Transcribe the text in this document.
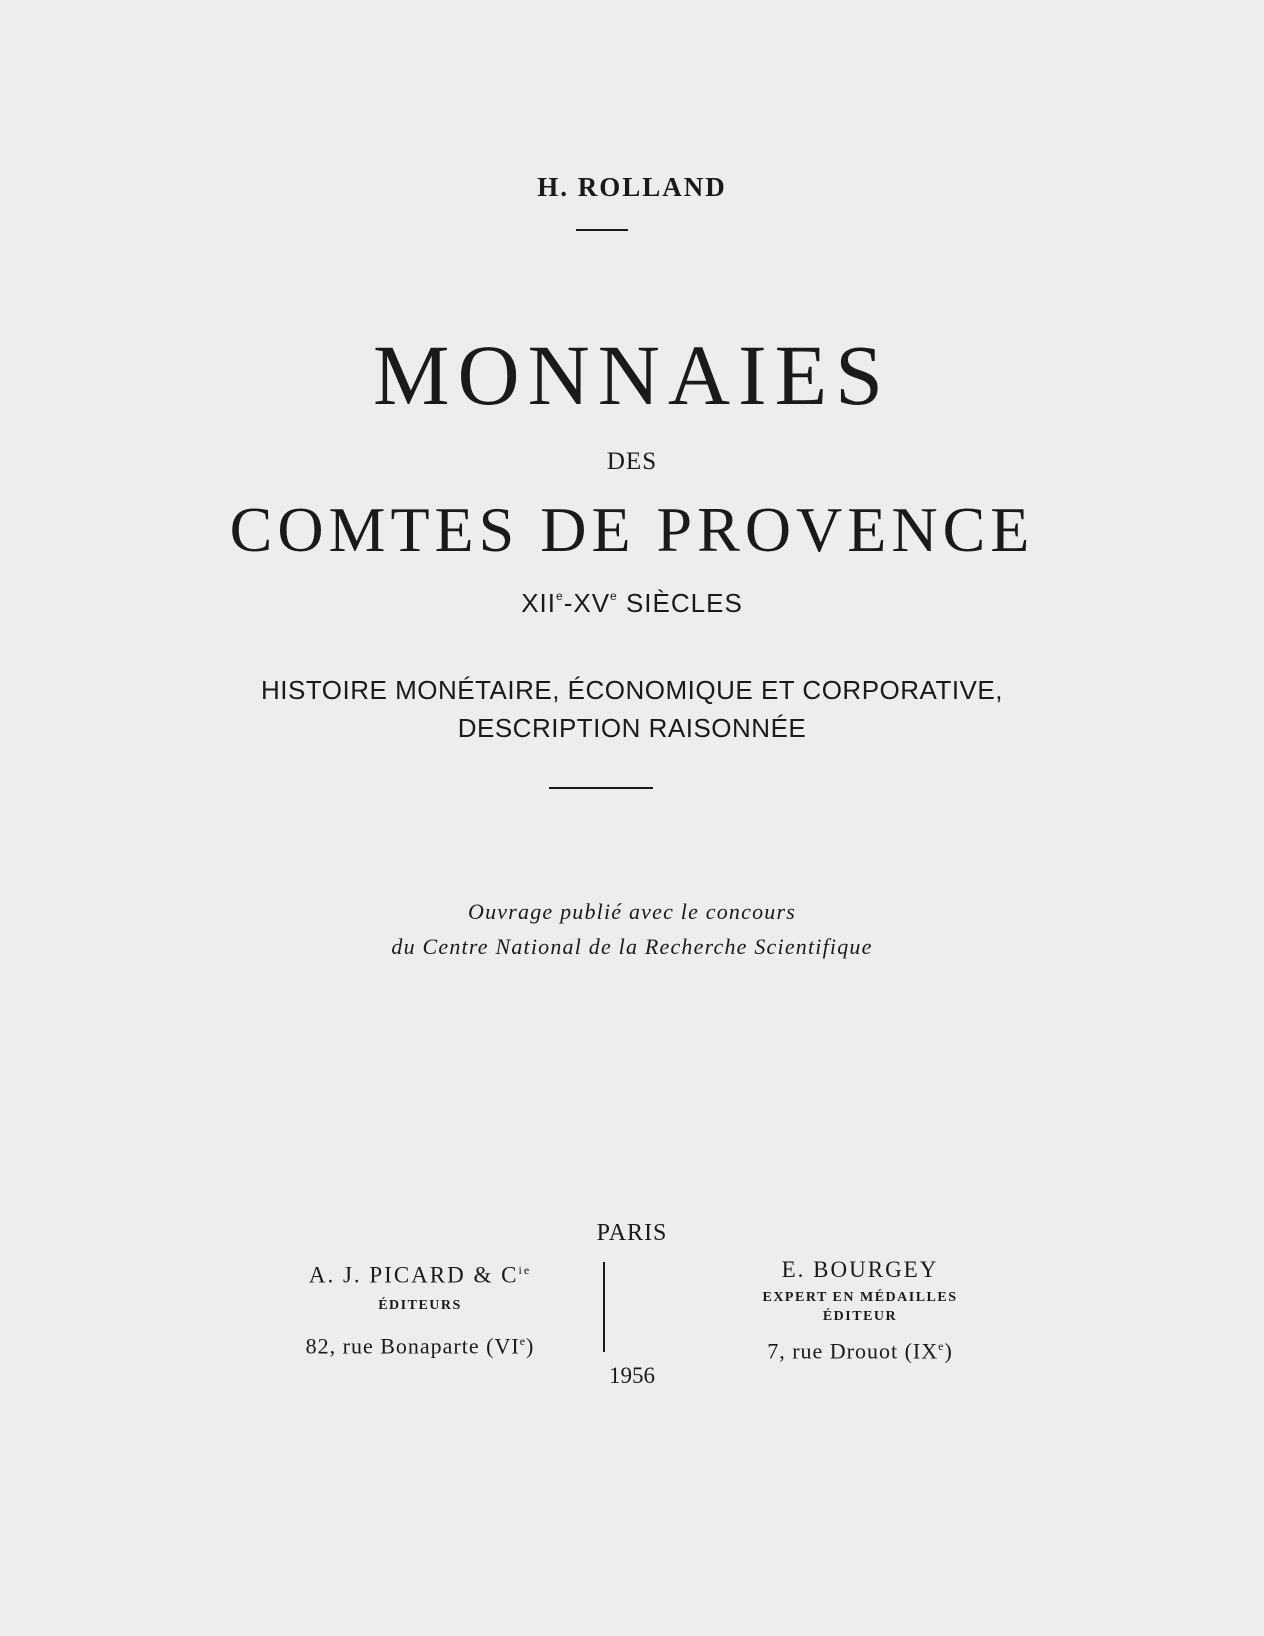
H. ROLLAND
MONNAIES
DES
COMTES DE PROVENCE
XIIe-XVe SIÈCLES
HISTOIRE MONÉTAIRE, ÉCONOMIQUE ET CORPORATIVE,
DESCRIPTION RAISONNÉE
Ouvrage publié avec le concours
du Centre National de la Recherche Scientifique
PARIS
A. J. PICARD & $C^{ie}$
ÉDITEURS
82, rue Bonaparte (VIe)
E. BOURGEY
EXPERT EN MÉDAILLES
ÉDITEUR
7, rue Drouot (IXe)
1956
